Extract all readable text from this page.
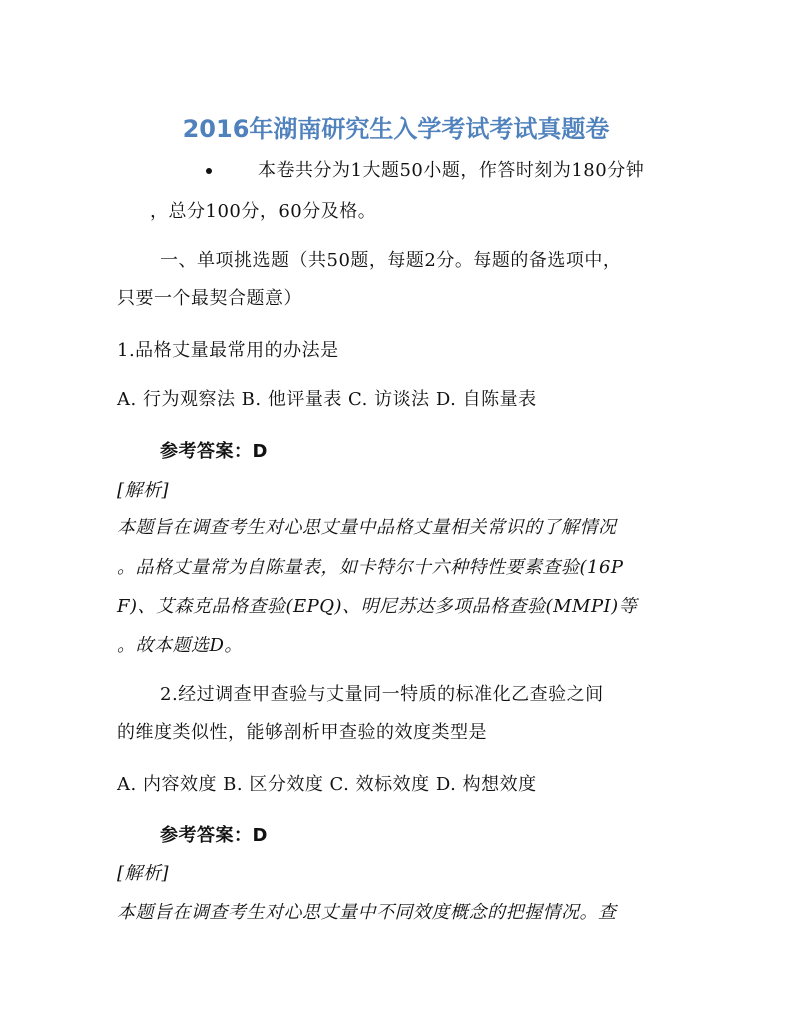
2016年湖南研究生入学考试考试真题卷
本卷共分为1大题50小题，作答时刻为180分钟
，总分100分，60分及格。
一、单项挑选题（共50题，每题2分。每题的备选项中，
只要一个最契合题意）
1.品格丈量最常用的办法是
A. 行为观察法 B. 他评量表 C. 访谈法 D. 自陈量表
参考答案：D
[解析]
本题旨在调查考生对心思丈量中品格丈量相关常识的了解情况
。品格丈量常为自陈量表，如卡特尔十六种特性要素查验(16P
F)、艾森克品格查验(EPQ)、明尼苏达多项品格查验(MMPI)等
。故本题选D。
2.经过调查甲查验与丈量同一特质的标准化乙查验之间
的维度类似性，能够剖析甲查验的效度类型是
A. 内容效度 B. 区分效度 C. 效标效度 D. 构想效度
参考答案：D
[解析]
本题旨在调查考生对心思丈量中不同效度概念的把握情况。查
